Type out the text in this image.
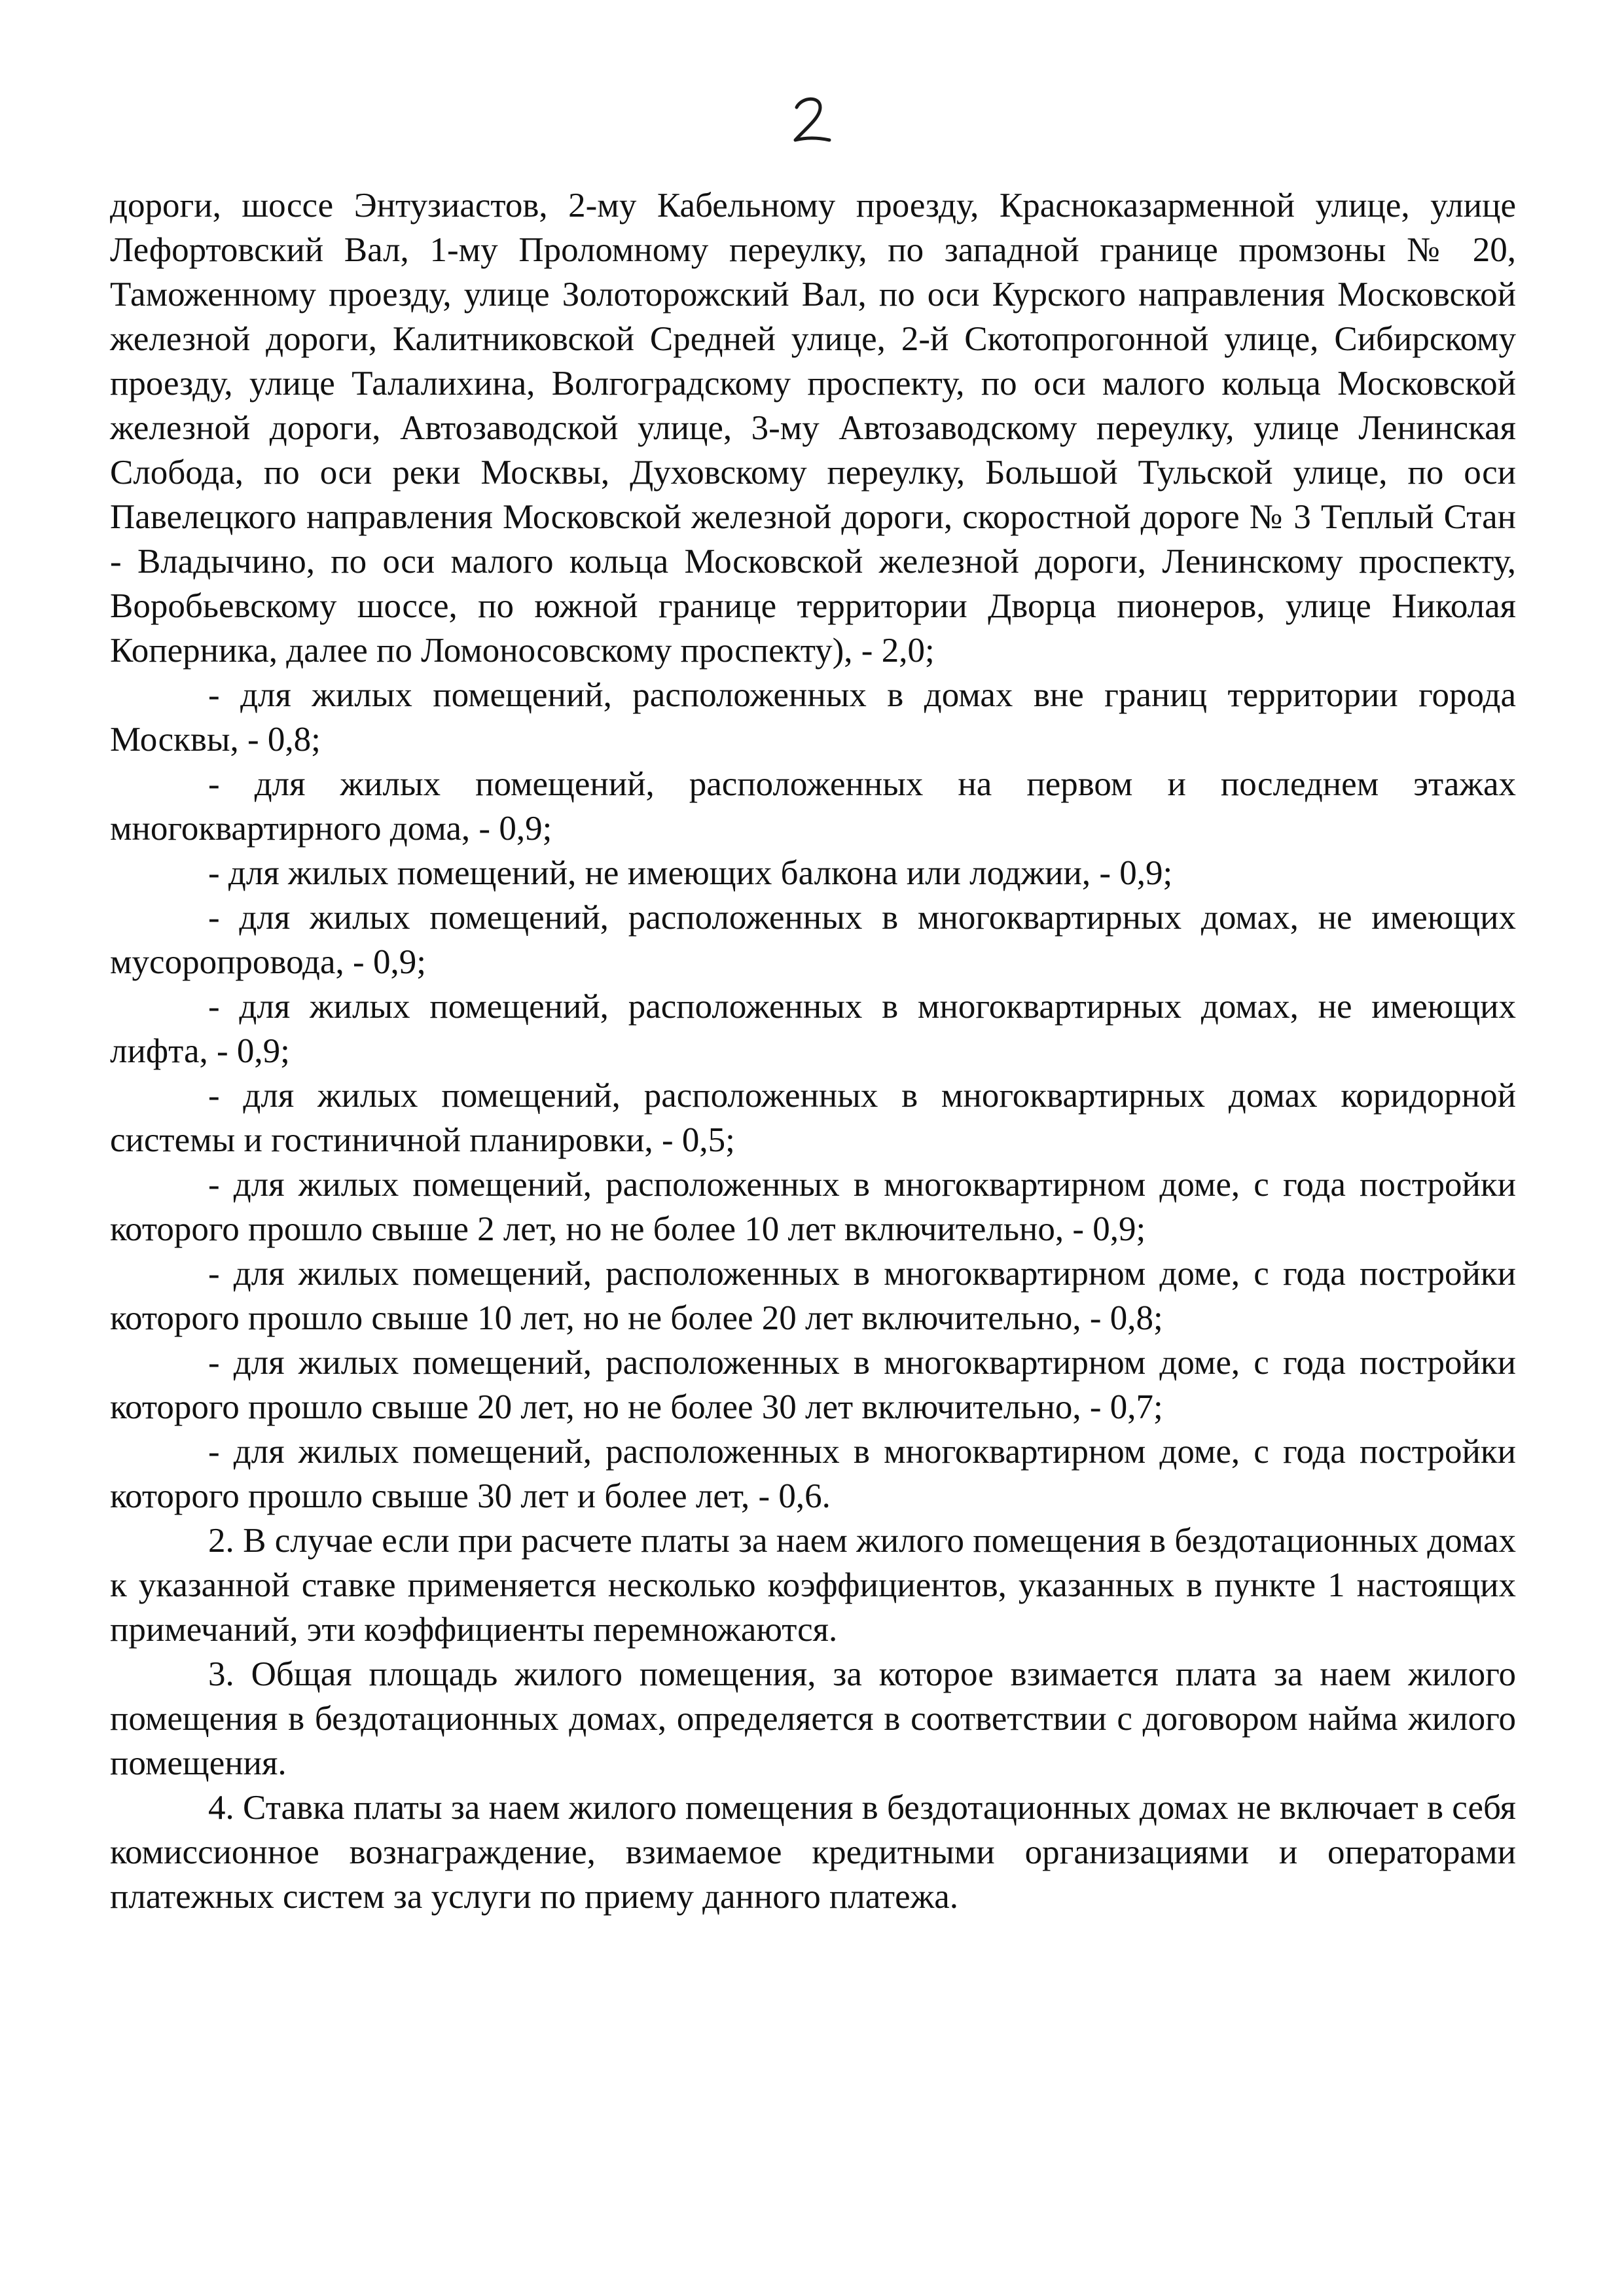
дороги, шоссе Энтузиастов, 2-му Кабельному проезду, Красноказарменной улице, улице Лефортовский Вал, 1-му Проломному переулку, по западной границе промзоны № 20, Таможенному проезду, улице Золоторожский Вал, по оси Курского направления Московской железной дороги, Калитниковской Средней улице, 2-й Скотопрогонной улице, Сибирскому проезду, улице Талалихина, Волгоградскому проспекту, по оси малого кольца Московской железной дороги, Автозаводской улице, 3-му Автозаводскому переулку, улице Ленинская Слобода, по оси реки Москвы, Духовскому переулку, Большой Тульской улице, по оси Павелецкого направления Московской железной дороги, скоростной дороге № 3 Теплый Стан - Владычино, по оси малого кольца Московской железной дороги, Ленинскому проспекту, Воробьевскому шоссе, по южной границе территории Дворца пионеров, улице Николая Коперника, далее по Ломоносовскому проспекту), - 2,0;

- для жилых помещений, расположенных в домах вне границ территории города Москвы, - 0,8;

- для жилых помещений, расположенных на первом и последнем этажах многоквартирного дома, - 0,9;

- для жилых помещений, не имеющих балкона или лоджии, - 0,9;

- для жилых помещений, расположенных в многоквартирных домах, не имеющих мусоропровода, - 0,9;

- для жилых помещений, расположенных в многоквартирных домах, не имеющих лифта, - 0,9;

- для жилых помещений, расположенных в многоквартирных домах коридорной системы и гостиничной планировки, - 0,5;

- для жилых помещений, расположенных в многоквартирном доме, с года постройки которого прошло свыше 2 лет, но не более 10 лет включительно, - 0,9;

- для жилых помещений, расположенных в многоквартирном доме, с года постройки которого прошло свыше 10 лет, но не более 20 лет включительно, - 0,8;

- для жилых помещений, расположенных в многоквартирном доме, с года постройки которого прошло свыше 20 лет, но не более 30 лет включительно, - 0,7;

- для жилых помещений, расположенных в многоквартирном доме, с года постройки которого прошло свыше 30 лет и более лет, - 0,6.

2. В случае если при расчете платы за наем жилого помещения в бездотационных домах к указанной ставке применяется несколько коэффициентов, указанных в пункте 1 настоящих примечаний, эти коэффициенты перемножаются.

3. Общая площадь жилого помещения, за которое взимается плата за наем жилого помещения в бездотационных домах, определяется в соответствии с договором найма жилого помещения.

4. Ставка платы за наем жилого помещения в бездотационных домах не включает в себя комиссионное вознаграждение, взимаемое кредитными организациями и операторами платежных систем за услуги по приему данного платежа.
